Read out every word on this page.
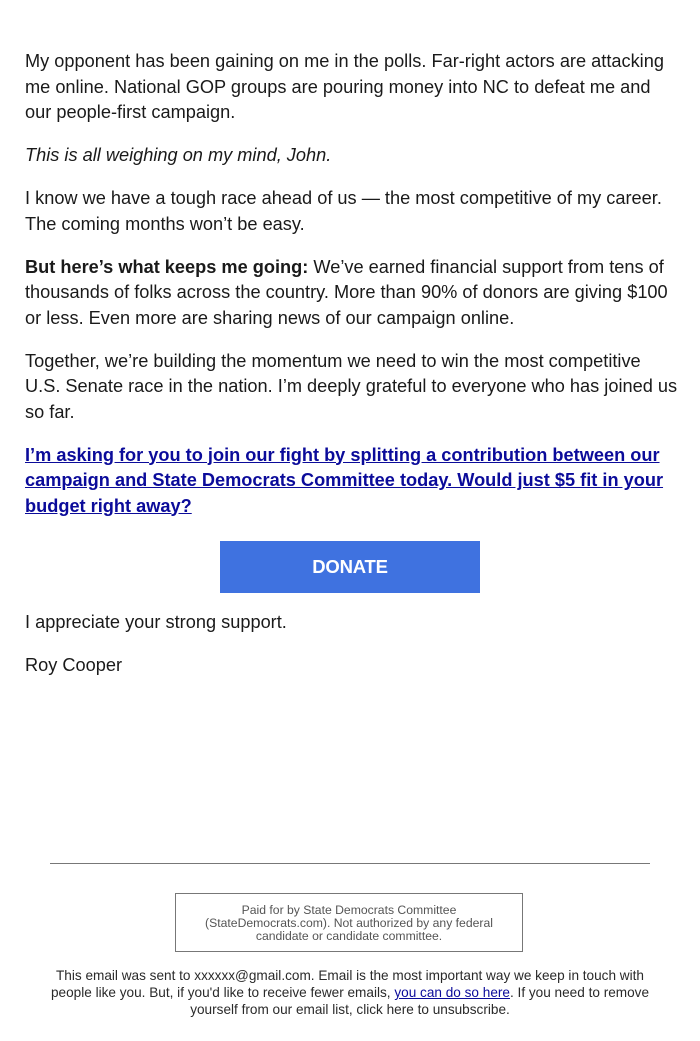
My opponent has been gaining on me in the polls. Far-right actors are attacking me online. National GOP groups are pouring money into NC to defeat me and our people-first campaign.

This is all weighing on my mind, John.

I know we have a tough race ahead of us — the most competitive of my career. The coming months won’t be easy.

But here’s what keeps me going: We’ve earned financial support from tens of thousands of folks across the country. More than 90% of donors are giving $100 or less. Even more are sharing news of our campaign online.

Together, we’re building the momentum we need to win the most competitive U.S. Senate race in the nation. I’m deeply grateful to everyone who has joined us so far.

I’m asking for you to join our fight by splitting a contribution between our campaign and State Democrats Committee today. Would just $5 fit in your budget right away?

DONATE

I appreciate your strong support.

Roy Cooper

Paid for by State Democrats Committee (StateDemocrats.com). Not authorized by any federal candidate or candidate committee.
This email was sent to xxxxxx@gmail.com. Email is the most important way we keep in touch with people like you. But, if you'd like to receive fewer emails, you can do so here. If you need to remove yourself from our email list, click here to unsubscribe.
